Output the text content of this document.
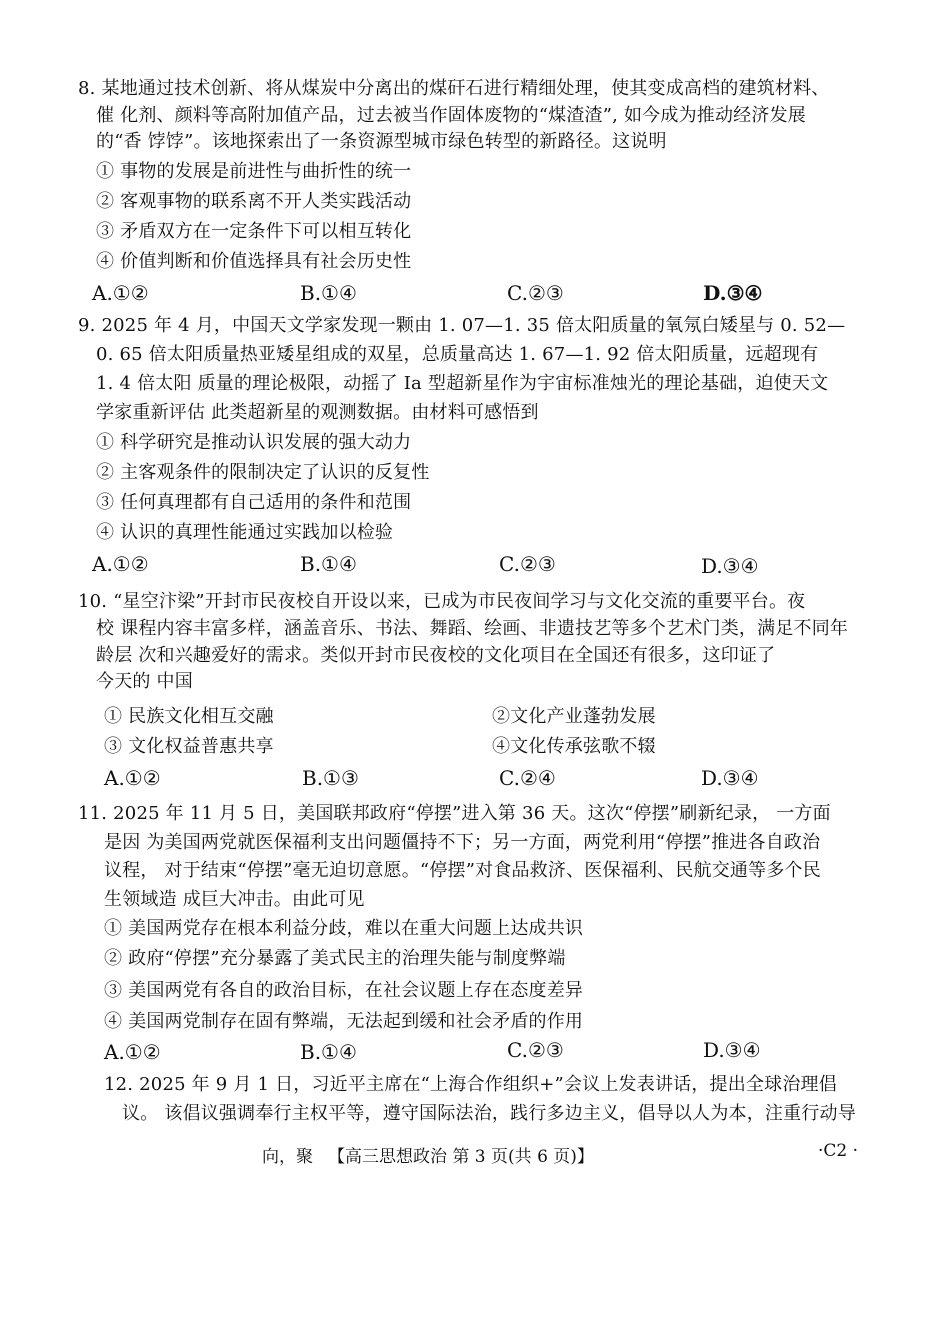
8. 某地通过技术创新、将从煤炭中分离出的煤矸石进行精细处理，使其变成高档的建筑材料、
催 化剂、颜料等高附加值产品，过去被当作固体废物的“煤渣渣”, 如今成为推动经济发展
的“香 饽饽”。该地探索出了一条资源型城市绿色转型的新路径。这说明
① 事物的发展是前进性与曲折性的统一
② 客观事物的联系离不开人类实践活动
③ 矛盾双方在一定条件下可以相互转化
④ 价值判断和价值选择具有社会历史性
A.①②	B.①④	C.②③	D.③④
9. 2025 年 4 月，中国天文学家发现一颗由 1. 07—1. 35 倍太阳质量的氧氖白矮星与 0. 52—
0. 65 倍太阳质量热亚矮星组成的双星，总质量高达 1. 67—1. 92 倍太阳质量，远超现有
1. 4 倍太阳 质量的理论极限，动摇了 Ia 型超新星作为宇宙标准烛光的理论基础，迫使天文
学家重新评估 此类超新星的观测数据。由材料可感悟到
① 科学研究是推动认识发展的强大动力
② 主客观条件的限制决定了认识的反复性
③ 任何真理都有自己适用的条件和范围
④ 认识的真理性能通过实践加以检验
A.①②	B.①④	C.②③	D.③④
10. “星空汴梁”开封市民夜校自开设以来，已成为市民夜间学习与文化交流的重要平台。夜
校 课程内容丰富多样，涵盖音乐、书法、舞蹈、绘画、非遗技艺等多个艺术门类，满足不同年
龄层 次和兴趣爱好的需求。类似开封市民夜校的文化项目在全国还有很多，这印证了
今天的 中国
① 民族文化相互交融	②文化产业蓬勃发展
③ 文化权益普惠共享	④文化传承弦歌不辍
A.①②	B.①③	C.②④	D.③④
11. 2025 年 11 月 5 日，美国联邦政府“停摆”进入第 36 天。这次“停摆”刷新纪录， 一方面
是因 为美国两党就医保福利支出问题僵持不下；另一方面，两党利用“停摆”推进各自政治
议程， 对于结束“停摆”毫无迫切意愿。“停摆”对食品救济、医保福利、民航交通等多个民
生领域造 成巨大冲击。由此可见
① 美国两党存在根本利益分歧，难以在重大问题上达成共识
② 政府“停摆”充分暴露了美式民主的治理失能与制度弊端
③ 美国两党有各自的政治目标，在社会议题上存在态度差异
④ 美国两党制存在固有弊端，无法起到缓和社会矛盾的作用
A.①②	B.①④	C.②③	D.③④
12. 2025 年 9 月 1 日，习近平主席在“上海合作组织+”会议上发表讲话，提出全球治理倡
议。 该倡议强调奉行主权平等，遵守国际法治，践行多边主义，倡导以人为本，注重行动导
向，聚 【高三思想政治 第 3 页(共 6 页)】	·C2 ·
